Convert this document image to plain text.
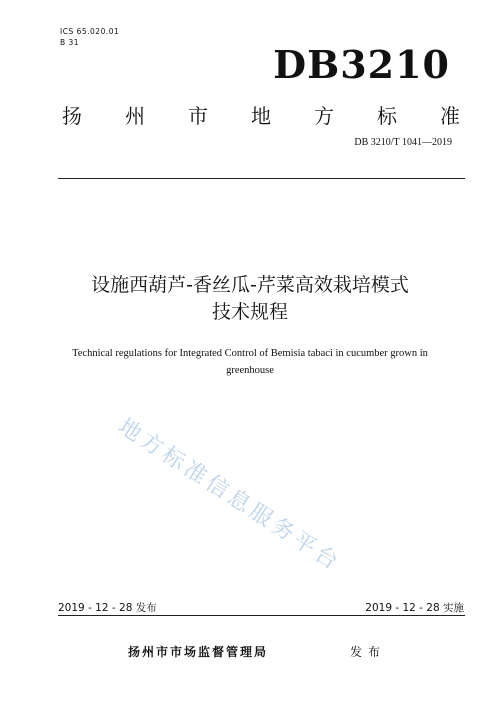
ICS 65.020.01
B 31	DB3210
扬 州 市 地 方 标 准
DB 3210/T 1041—2019
设施西葫芦-香丝瓜-芹菜高效栽培模式
技术规程
Technical regulations for Integrated Control of Bemisia tabaci in cucumber grown in
greenhouse
地方标准信息服务平台
2019 - 12 - 28 发布	2019 - 12 - 28 实施
扬州市市场监督管理局	发布
